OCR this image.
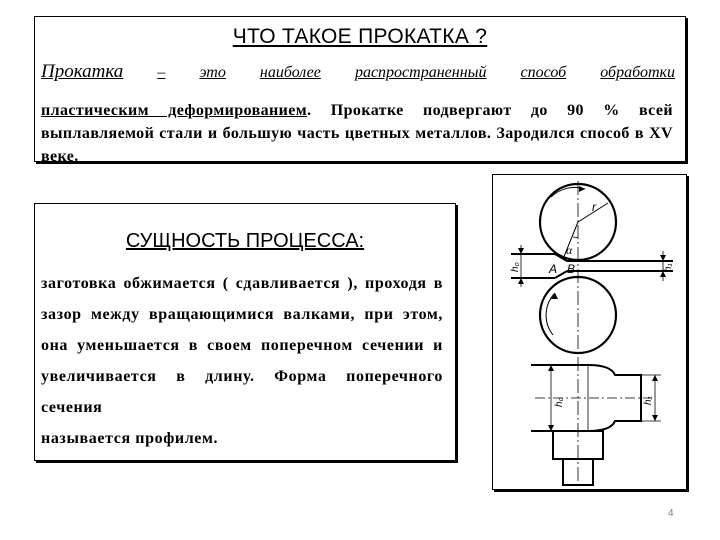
ЧТО ТАКОЕ ПРОКАТКА ?
Прокатка – это наиболее распространенный способ обработки
пластическим деформированием. Прокатке подвергают до 90 % всей выплавляемой стали и большую часть цветных металлов. Зародился способ в XV веке.
СУЩНОСТЬ ПРОЦЕССА:
заготовка обжимается ( сдавливается ), проходя в зазор между вращающимися валками, при этом, она уменьшается в своем поперечном сечении и увеличивается в длину. Форма поперечного сечения
называется профилем.
r
α
A B
h₀	h₁
h₀	h₁
4
